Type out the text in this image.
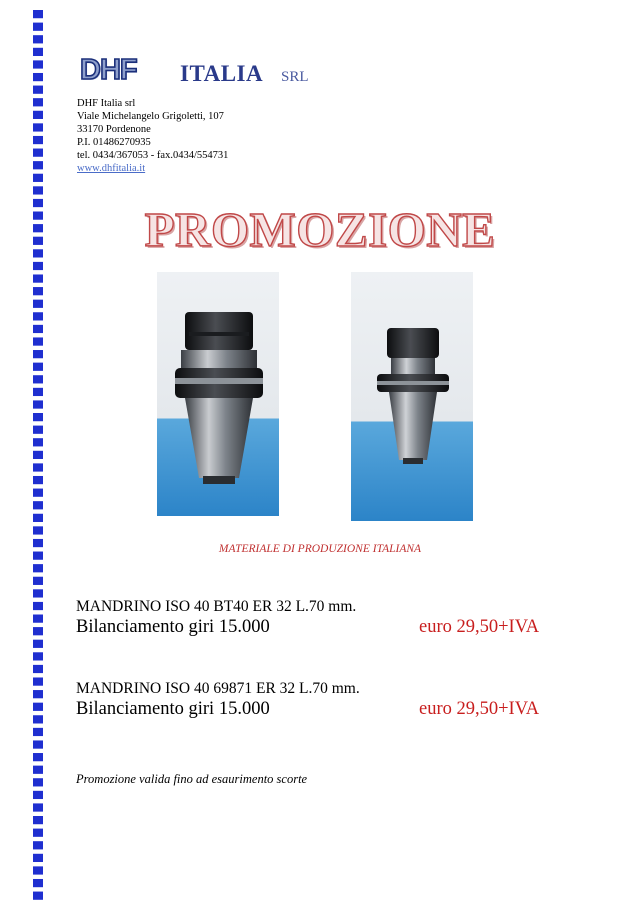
DHF ITALIA SRL
DHF Italia srl
Viale Michelangelo Grigoletti, 107
33170 Pordenone
P.I. 01486270935
tel. 0434/367053 - fax.0434/554731
www.dhfitalia.it
PROMOZIONE
MATERIALE DI PRODUZIONE ITALIANA
MANDRINO ISO 40 BT40 ER 32 L.70 mm.
Bilanciamento giri 15.000	euro 29,50+IVA
MANDRINO ISO 40 69871 ER 32 L.70 mm.
Bilanciamento giri 15.000	euro 29,50+IVA
Promozione valida fino ad esaurimento scorte
